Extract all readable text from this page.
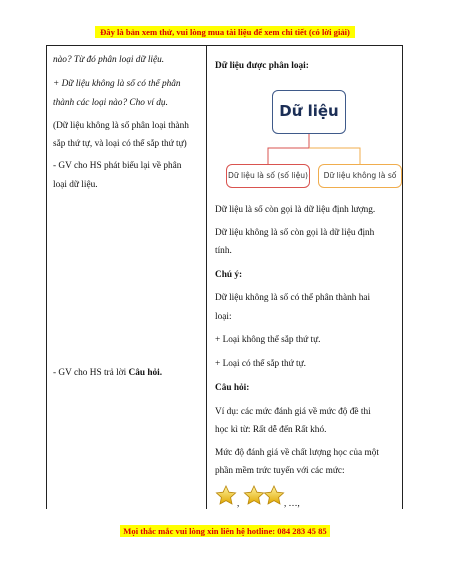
Đây là bản xem thử, vui lòng mua tài liệu để xem chi tiết (có lời giải)

nào? Từ đó phân loại dữ liệu.

+ Dữ liệu không là số có thể phân

thành các loại nào? Cho ví dụ.

(Dữ liệu không là số phân loại thành

sắp thứ tự, và loại có thể sắp thứ tự)

- GV cho HS phát biểu lại về phân

loại dữ liệu.

- GV cho HS trả lời Câu hỏi.

Dữ liệu được phân loại:

Dữ liệu
Dữ liệu là số (số liệu)	Dữ liệu không là số

Dữ liệu là số còn gọi là dữ liệu định lượng.

Dữ liệu không là số còn gọi là dữ liệu định

tính.

Chú ý:

Dữ liệu không là số có thể phân thành hai

loại:

+ Loại không thể sắp thứ tự.

+ Loại có thể sắp thứ tự.

Câu hỏi:

Ví dụ: các mức đánh giá về mức độ đề thi

học kì từ: Rất dễ đến Rất khó.

Mức độ đánh giá về chất lượng học của một

phần mềm trức tuyến với các mức:

,	, …,
Mọi thắc mắc vui lòng xin liên hệ hotline: 084 283 45 85
